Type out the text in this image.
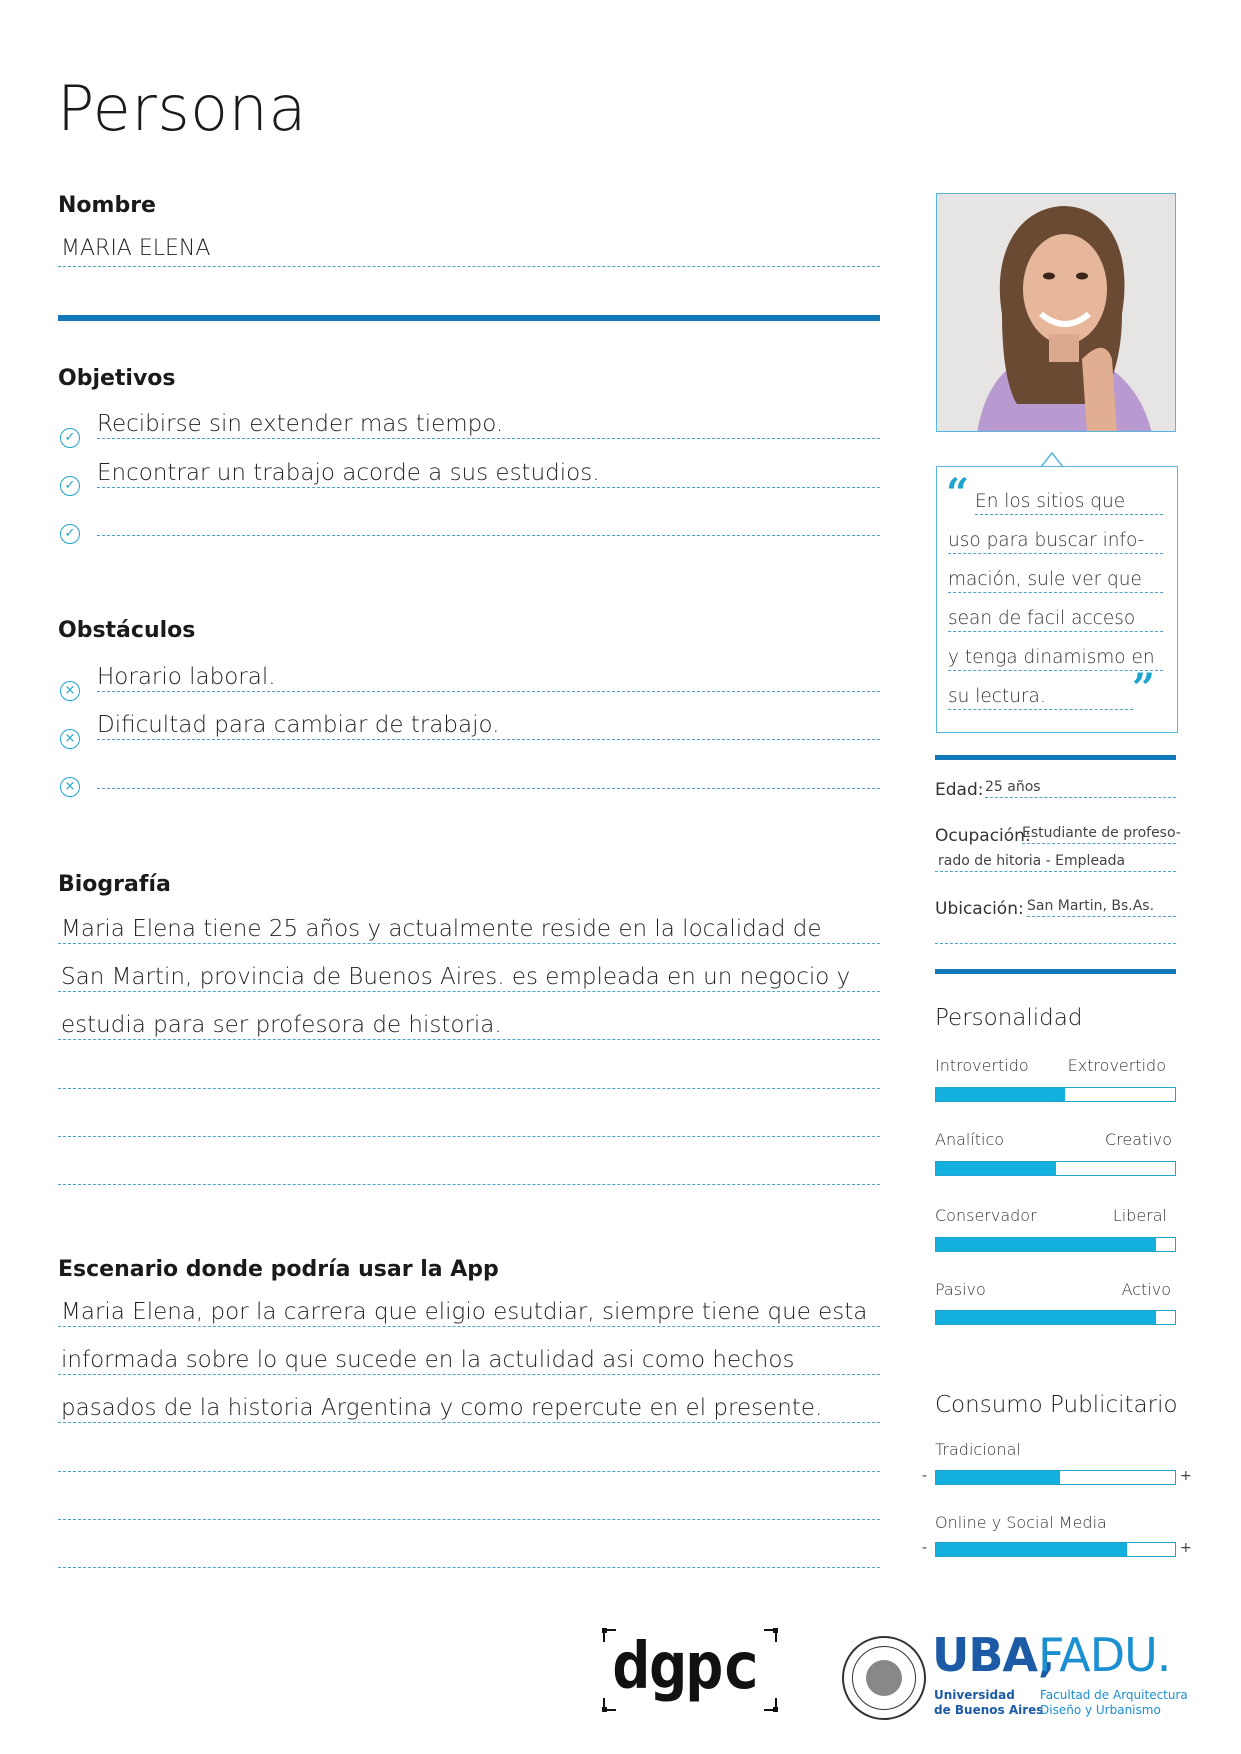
Persona
Nombre
MARIA ELENA
Objetivos
✓
Recibirse sin extender mas tiempo.
✓ Encontrar un trabajo acorde a sus estudios.
✓
Obstáculos
×
Horario laboral.
×
Dificultad para cambiar de trabajo.
×
Biografía
Maria Elena tiene 25 años y actualmente reside en la localidad de
San Martin, provincia de Buenos Aires. es empleada en un negocio y
estudia para ser profesora de historia.
Escenario donde podría usar la App
Maria Elena, por la carrera que eligio esutdiar, siempre tiene que esta
informada sobre lo que sucede en la actulidad asi como hechos
pasados de la historia Argentina y como repercute en el presente.
“ En los sitios que
uso para buscar info-
mación, sule ver que
sean de facil acceso
y tenga dinamismo en
su lectura. ”
Edad: 25 años
Ocupación:
Estudiante de profeso-
rado de hitoria - Empleada
Ubicación: San Martin, Bs.As.
Personalidad
Introvertido Extrovertido
Analítico	Creativo
Conservador	Liberal
Pasivo	Activo
Consumo Publicitario
Tradicional
-	+
Online y Social Media
-	+
dgpc	UBA,
FADU.
Universidad
de Buenos Aires
Facultad de Arquitectura
Diseño y Urbanismo
